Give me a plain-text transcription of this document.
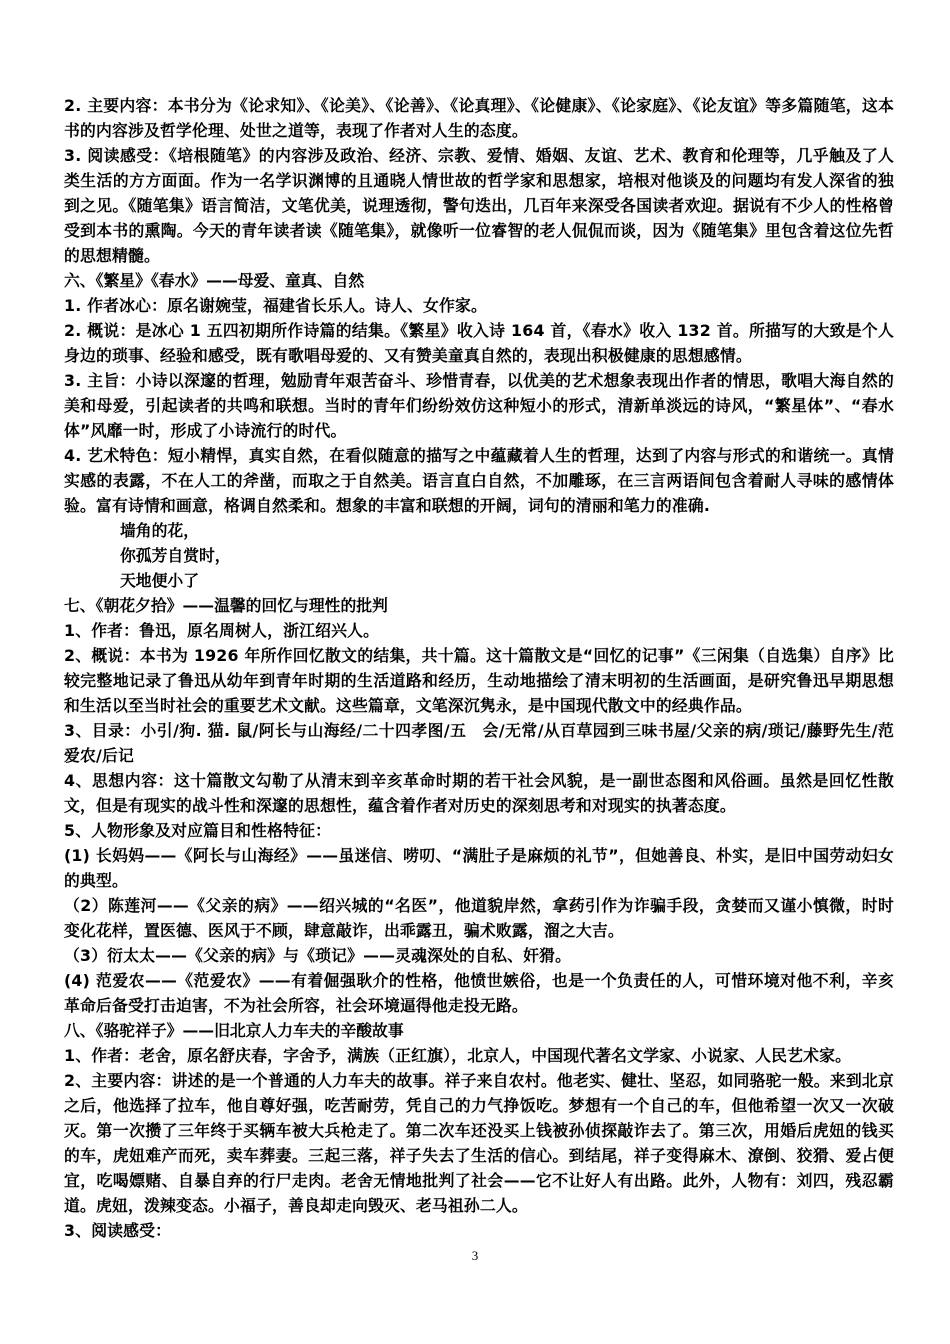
2. 主要内容：本书分为《论求知》、《论美》、《论善》、《论真理》、《论健康》、《论家庭》、《论友谊》等多篇随笔，这本书的内容涉及哲学伦理、处世之道等，表现了作者对人生的态度。

3. 阅读感受：《培根随笔》的内容涉及政治、经济、宗教、爱情、婚姻、友谊、艺术、教育和伦理等，几乎触及了人类生活的方方面面。作为一名学识渊博的且通晓人情世故的哲学家和思想家，培根对他谈及的问题均有发人深省的独到之见。《随笔集》语言简洁，文笔优美，说理透彻，警句迭出，几百年来深受各国读者欢迎。据说有不少人的性格曾受到本书的熏陶。今天的青年读者读《随笔集》，就像听一位睿智的老人侃侃而谈，因为《随笔集》里包含着这位先哲的思想精髓。

六、《繁星》《春水》——母爱、童真、自然

1. 作者冰心：原名谢婉莹，福建省长乐人。诗人、女作家。

2. 概说：是冰心 1 五四初期所作诗篇的结集。《繁星》收入诗 164 首，《春水》收入 132 首。所描写的大致是个人身边的琐事、经验和感受，既有歌唱母爱的、又有赞美童真自然的，表现出积极健康的思想感情。

3. 主旨：小诗以深邃的哲理，勉励青年艰苦奋斗、珍惜青春，以优美的艺术想象表现出作者的情思，歌唱大海自然的美和母爱，引起读者的共鸣和联想。当时的青年们纷纷效仿这种短小的形式，清新单淡远的诗风，“繁星体”、“春水体”风靡一时，形成了小诗流行的时代。

4. 艺术特色：短小精悍，真实自然，在看似随意的描写之中蕴藏着人生的哲理，达到了内容与形式的和谐统一。真情实感的表露，不在人工的斧凿，而取之于自然美。语言直白自然，不加雕琢，在三言两语间包含着耐人寻味的感情体验。富有诗情和画意，格调自然柔和。想象的丰富和联想的开阔，词句的清丽和笔力的准确.

墙角的花，

你孤芳自赏时，

天地便小了

七、《朝花夕拾》——温馨的回忆与理性的批判

1、作者：鲁迅，原名周树人，浙江绍兴人。

2、概说：本书为 1926 年所作回忆散文的结集，共十篇。这十篇散文是“回忆的记事”《三闲集（自选集）自序》比较完整地记录了鲁迅从幼年到青年时期的生活道路和经历，生动地描绘了清末明初的生活画面，是研究鲁迅早期思想和生活以至当时社会的重要艺术文献。这些篇章，文笔深沉隽永，是中国现代散文中的经典作品。

3、目录：小引/狗. 猫. 鼠/阿长与山海经/二十四孝图/五　会/无常/从百草园到三味书屋/父亲的病/琐记/藤野先生/范爱农/后记

4、思想内容：这十篇散文勾勒了从清末到辛亥革命时期的若干社会风貌，是一副世态图和风俗画。虽然是回忆性散文，但是有现实的战斗性和深邃的思想性，蕴含着作者对历史的深刻思考和对现实的执著态度。

5、人物形象及对应篇目和性格特征：

(1) 长妈妈——《阿长与山海经》——虽迷信、唠叨、“满肚子是麻烦的礼节”，但她善良、朴实，是旧中国劳动妇女的典型。

（2）陈莲河——《父亲的病》——绍兴城的“名医”，他道貌岸然，拿药引作为诈骗手段，贪婪而又谨小慎微，时时变化花样，置医德、医风于不顾，肆意敲诈，出乖露丑，骗术败露，溜之大吉。

（3）衍太太——《父亲的病》与《琐记》——灵魂深处的自私、奸猾。

(4) 范爱农——《范爱农》——有着倔强耿介的性格，他愤世嫉俗，也是一个负责任的人，可惜环境对他不利，辛亥革命后备受打击迫害，不为社会所容，社会环境逼得他走投无路。

八、《骆驼祥子》——旧北京人力车夫的辛酸故事

1、作者：老舍，原名舒庆春，字舍予，满族（正红旗），北京人，中国现代著名文学家、小说家、人民艺术家。

2、主要内容：讲述的是一个普通的人力车夫的故事。祥子来自农村。他老实、健壮、坚忍，如同骆驼一般。来到北京之后，他选择了拉车，他自尊好强，吃苦耐劳，凭自己的力气挣饭吃。梦想有一个自己的车，但他希望一次又一次破灭。第一次攒了三年终于买辆车被大兵枪走了。第二次车还没买上钱被孙侦探敲诈去了。第三次，用婚后虎妞的钱买的车，虎妞难产而死，卖车葬妻。三起三落，祥子失去了生活的信心。到结尾，祥子变得麻木、潦倒、狡猾、爱占便宜，吃喝嫖赌、自暴自弃的行尸走肉。老舍无情地批判了社会——它不让好人有出路。此外，人物有：刘四，残忍霸道。虎妞，泼辣变态。小福子，善良却走向毁灭、老马祖孙二人。

3、阅读感受：

3
